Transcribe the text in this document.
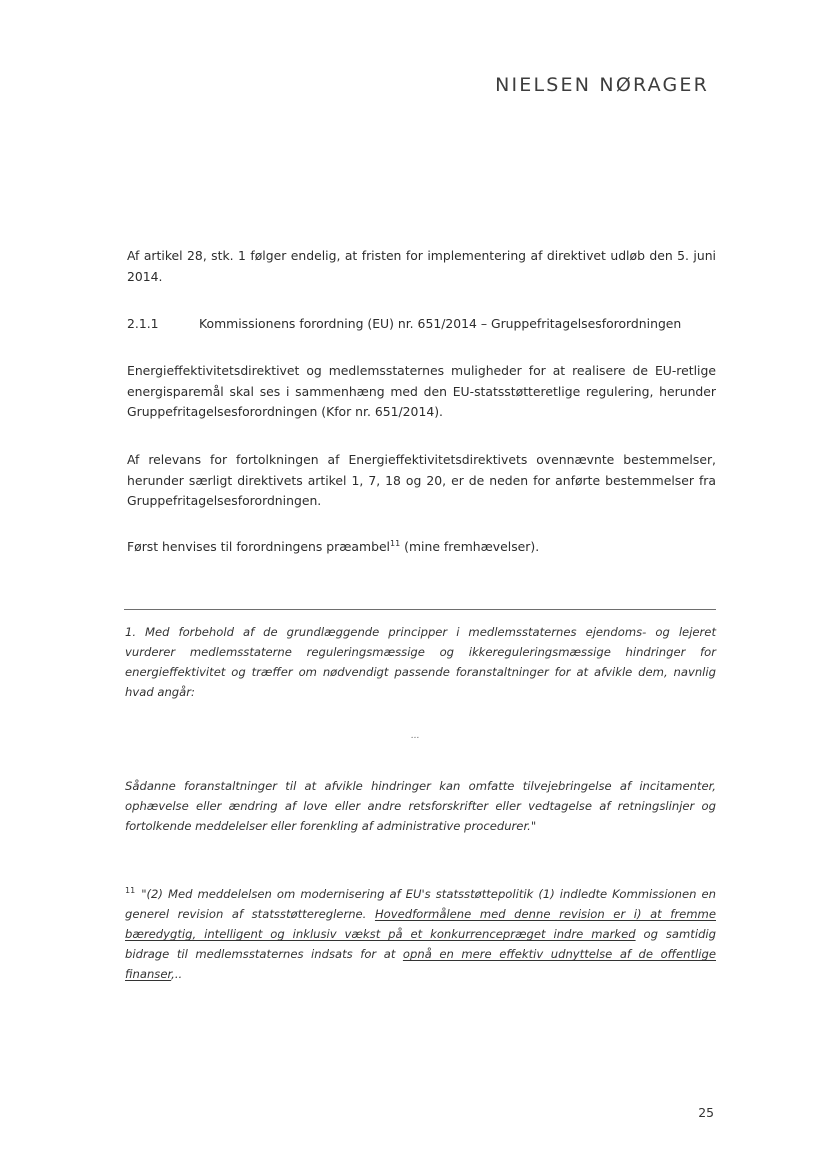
NIELSEN NØRAGER
Af artikel 28, stk. 1 følger endelig, at fristen for implementering af direktivet udløb den 5. juni 2014.
2.1.1	Kommissionens forordning (EU) nr. 651/2014 – Gruppefritagelsesforordningen
Energieffektivitetsdirektivet og medlemsstaternes muligheder for at realisere de EU-retlige energisparemål skal ses i sammenhæng med den EU-statsstøtteretlige regulering, herunder Gruppefritagelsesforordningen (Kfor nr. 651/2014).
Af relevans for fortolkningen af Energieffektivitetsdirektivets ovennævnte bestemmelser, herunder særligt direktivets artikel 1, 7, 18 og 20, er de neden for anførte bestemmelser fra Gruppefritagelsesforordningen.
Først henvises til forordningens præambel$^{11}$ (mine fremhævelser).
1. Med forbehold af de grundlæggende principper i medlemsstaternes ejendoms- og lejeret vurderer medlemsstaterne reguleringsmæssige og ikkereguleringsmæssige hindringer for energieffektivitet og træffer om nødvendigt passende foranstaltninger for at afvikle dem, navnlig hvad angår:
...
Sådanne foranstaltninger til at afvikle hindringer kan omfatte tilvejebringelse af incitamenter, ophævelse eller ændring af love eller andre retsforskrifter eller vedtagelse af retningslinjer og fortolkende meddelelser eller forenkling af administrative procedurer."
$^{11}$ "(2) Med meddelelsen om modernisering af EU's statsstøttepolitik (1) indledte Kommissionen en generel revision af statsstøttereglerne. Hovedformålene med denne revision er i) at fremme bæredygtig, intelligent og inklusiv vækst på et konkurrencepræget indre marked og samtidig bidrage til medlemsstaternes indsats for at opnå en mere effektiv udnyttelse af de offentlige finanser,..
25
